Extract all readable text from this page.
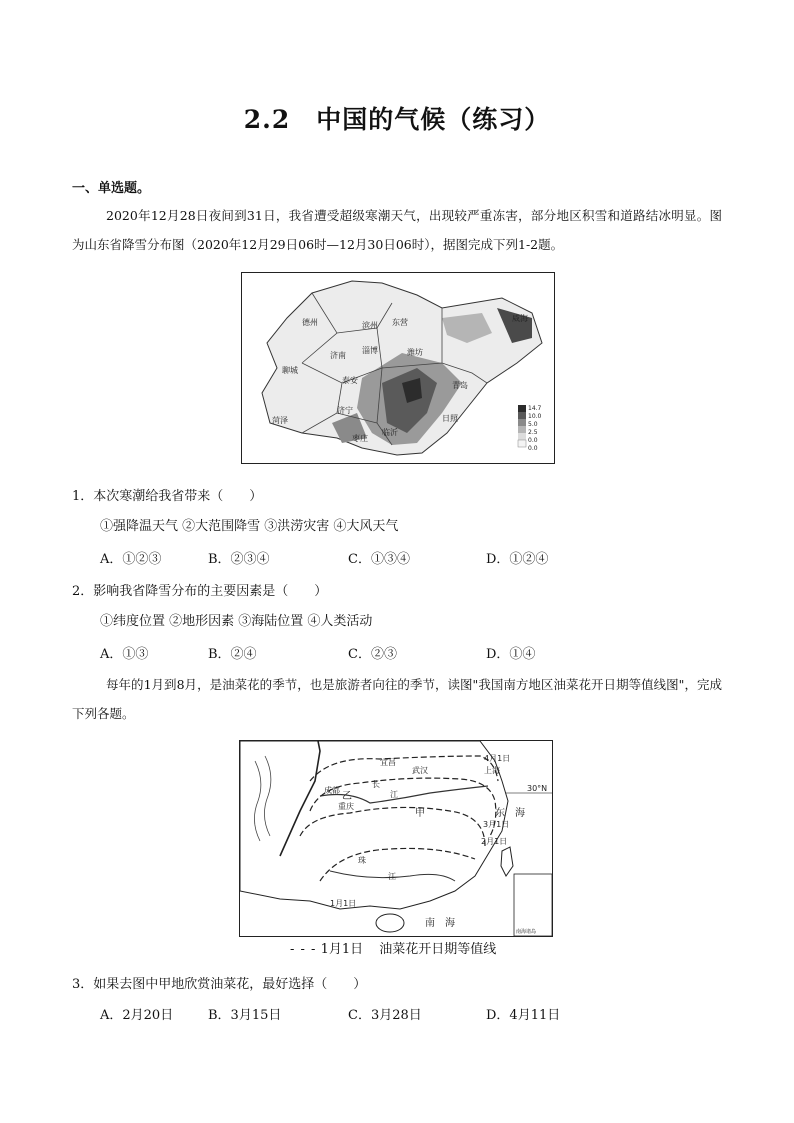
2.2　中国的气候（练习）
一、单选题。
2020年12月28日夜间到31日，我省遭受超级寒潮天气，出现较严重冻害，部分地区积雪和道路结冰明显。图为山东省降雪分布图（2020年12月29日06时—12月30日06时），据图完成下列1-2题。
德州	滨州 东营
淄博
济南	潍坊
聊城
泰安
济宁
日照
菏泽
枣庄
临沂
青岛
威海
14.7
10.0
5.0
2.5
0.0
0.0
1．本次寒潮给我省带来（　　）
①强降温天气 ②大范围降雪 ③洪涝灾害 ④大风天气
A．①②③	B．②③④	C．①③④	D．①②④
2．影响我省降雪分布的主要因素是（　　）
①纬度位置 ②地形因素 ③海陆位置 ④人类活动
A．①③	B．②④	C．②③	D．①④
每年的1月到8月，是油菜花的季节，也是旅游者向往的季节，读图"我国南方地区油菜花开日期等值线图"，完成下列各题。
30°N
东　海
南　海
甲
乙
上海
武汉
宜昌
成都
重庆
4月1日
3月1日
2月1日
1月1日
长
江
珠
江
南海诸岛
- - - 1月1日 油菜花开日期等值线
3．如果去图中甲地欣赏油菜花，最好选择（　　）
A．2月20日	B．3月15日	C．3月28日	D．4月11日
